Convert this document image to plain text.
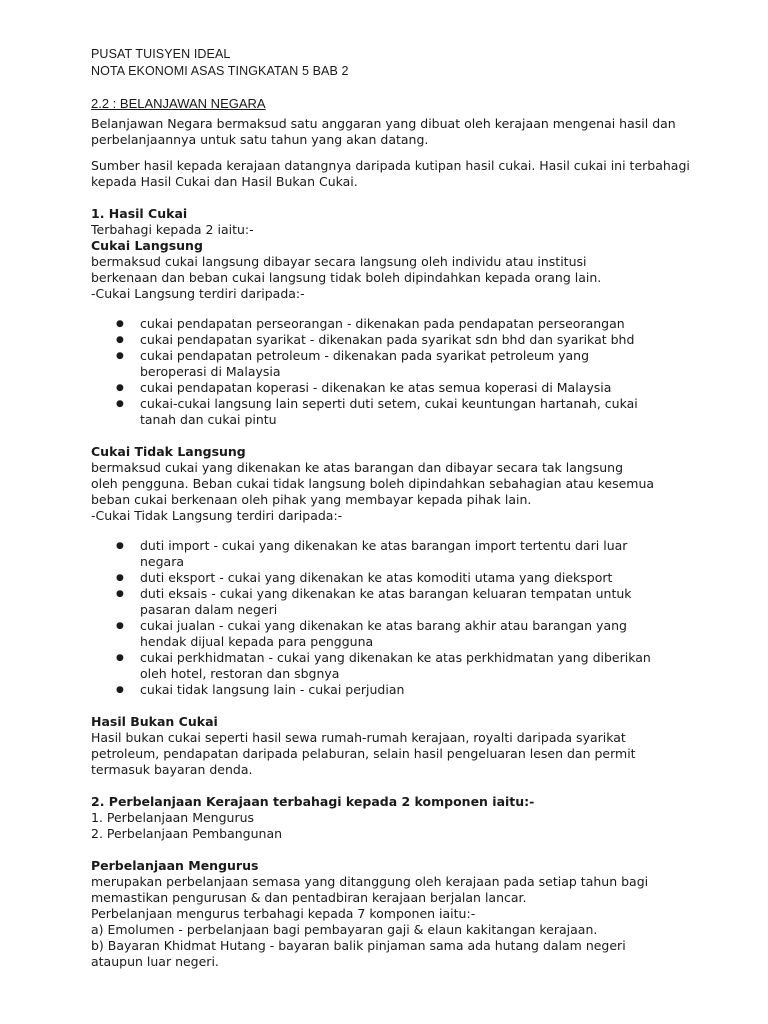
PUSAT TUISYEN IDEAL
NOTA EKONOMI ASAS TINGKATAN 5 BAB 2
2.2 : BELANJAWAN NEGARA

Belanjawan Negara bermaksud satu anggaran yang dibuat oleh kerajaan mengenai hasil dan perbelanjaannya untuk satu tahun yang akan datang.

Sumber hasil kepada kerajaan datangnya daripada kutipan hasil cukai. Hasil cukai ini terbahagi kepada Hasil Cukai dan Hasil Bukan Cukai.

1. Hasil Cukai

Terbahagi kepada 2 iaitu:-

Cukai Langsung

bermaksud cukai langsung dibayar secara langsung oleh individu atau institusi

berkenaan dan beban cukai langsung tidak boleh dipindahkan kepada orang lain.

-Cukai Langsung terdiri daripada:-

● cukai pendapatan perseorangan - dikenakan pada pendapatan perseorangan
● cukai pendapatan syarikat - dikenakan pada syarikat sdn bhd dan syarikat bhd
● cukai pendapatan petroleum - dikenakan pada syarikat petroleum yang
beroperasi di Malaysia
● cukai pendapatan koperasi - dikenakan ke atas semua koperasi di Malaysia
● cukai-cukai langsung lain seperti duti setem, cukai keuntungan hartanah, cukai
tanah dan cukai pintu
Cukai Tidak Langsung

bermaksud cukai yang dikenakan ke atas barangan dan dibayar secara tak langsung

oleh pengguna. Beban cukai tidak langsung boleh dipindahkan sebahagian atau kesemua

beban cukai berkenaan oleh pihak yang membayar kepada pihak lain.

-Cukai Tidak Langsung terdiri daripada:-

● duti import - cukai yang dikenakan ke atas barangan import tertentu dari luar
negara
● duti eksport - cukai yang dikenakan ke atas komoditi utama yang dieksport
● duti eksais - cukai yang dikenakan ke atas barangan keluaran tempatan untuk
pasaran dalam negeri
● cukai jualan - cukai yang dikenakan ke atas barang akhir atau barangan yang
hendak dijual kepada para pengguna
● cukai perkhidmatan - cukai yang dikenakan ke atas perkhidmatan yang diberikan
oleh hotel, restoran dan sbgnya
● cukai tidak langsung lain - cukai perjudian
Hasil Bukan Cukai

Hasil bukan cukai seperti hasil sewa rumah-rumah kerajaan, royalti daripada syarikat

petroleum, pendapatan daripada pelaburan, selain hasil pengeluaran lesen dan permit

termasuk bayaran denda.

2. Perbelanjaan Kerajaan terbahagi kepada 2 komponen iaitu:-

1. Perbelanjaan Mengurus

2. Perbelanjaan Pembangunan

Perbelanjaan Mengurus

merupakan perbelanjaan semasa yang ditanggung oleh kerajaan pada setiap tahun bagi

memastikan pengurusan & dan pentadbiran kerajaan berjalan lancar.

Perbelanjaan mengurus terbahagi kepada 7 komponen iaitu:-

a) Emolumen - perbelanjaan bagi pembayaran gaji & elaun kakitangan kerajaan.

b) Bayaran Khidmat Hutang - bayaran balik pinjaman sama ada hutang dalam negeri

ataupun luar negeri.
